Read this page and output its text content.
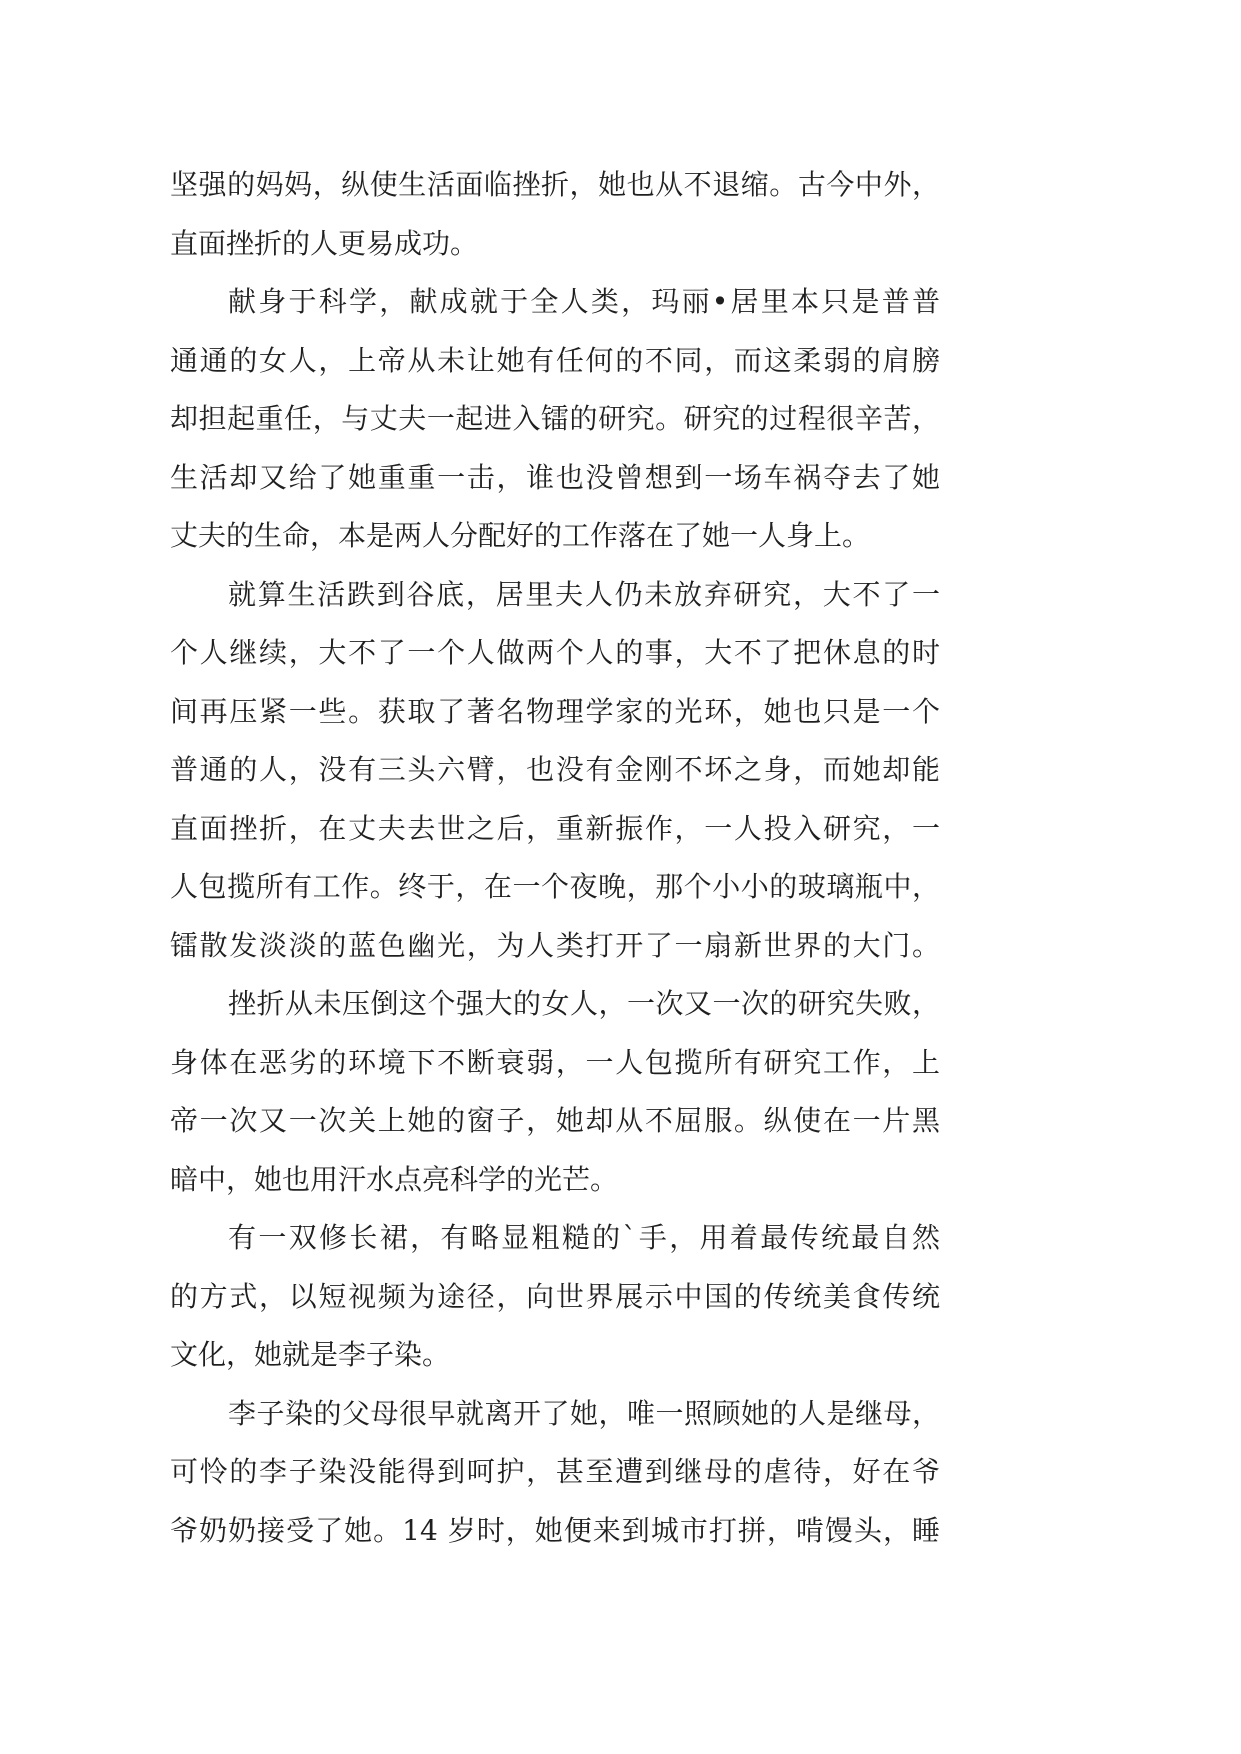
坚强的妈妈，纵使生活面临挫折，她也从不退缩。古今中外，
直面挫折的人更易成功。
献身于科学，献成就于全人类，玛丽•居里本只是普普
通通的女人，上帝从未让她有任何的不同，而这柔弱的肩膀
却担起重任，与丈夫一起进入镭的研究。研究的过程很辛苦，
生活却又给了她重重一击，谁也没曾想到一场车祸夺去了她
丈夫的生命，本是两人分配好的工作落在了她一人身上。
就算生活跌到谷底，居里夫人仍未放弃研究，大不了一
个人继续，大不了一个人做两个人的事，大不了把休息的时
间再压紧一些。获取了著名物理学家的光环，她也只是一个
普通的人，没有三头六臂，也没有金刚不坏之身，而她却能
直面挫折，在丈夫去世之后，重新振作，一人投入研究，一
人包揽所有工作。终于，在一个夜晚，那个小小的玻璃瓶中，
镭散发淡淡的蓝色幽光，为人类打开了一扇新世界的大门。
挫折从未压倒这个强大的女人，一次又一次的研究失败，
身体在恶劣的环境下不断衰弱，一人包揽所有研究工作，上
帝一次又一次关上她的窗子，她却从不屈服。纵使在一片黑
暗中，她也用汗水点亮科学的光芒。
有一双修长裙，有略显粗糙的`手，用着最传统最自然
的方式，以短视频为途径，向世界展示中国的传统美食传统
文化，她就是李子染。
李子染的父母很早就离开了她，唯一照顾她的人是继母，
可怜的李子染没能得到呵护，甚至遭到继母的虐待，好在爷
爷奶奶接受了她。14 岁时，她便来到城市打拼，啃馒头，睡
